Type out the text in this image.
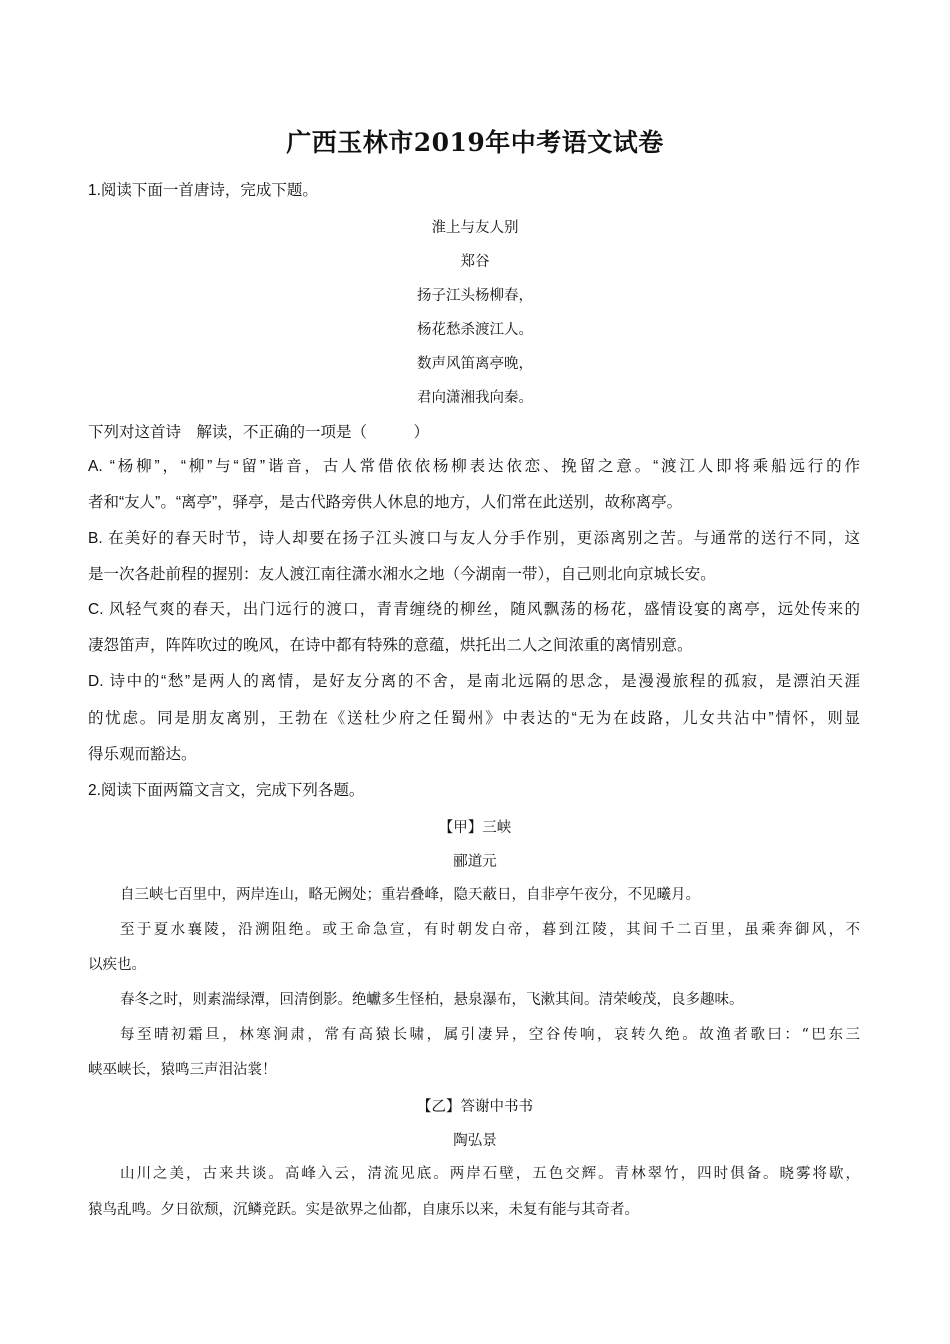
广西玉林市2019年中考语文试卷
1.阅读下面一首唐诗，完成下题。
淮上与友人别
郑谷
扬子江头杨柳春，
杨花愁杀渡江人。
数声风笛离亭晚，
君向潇湘我向秦。
下列对这首诗　解读，不正确的一项是（　　　）
A. “杨柳”，“柳”与“留”谐音，古人常借依依杨柳表达依恋、挽留之意。“渡江人即将乘船远行的作
者和“友人”。“离亭”，驿亭，是古代路旁供人休息的地方，人们常在此送别，故称离亭。
B. 在美好的春天时节，诗人却要在扬子江头渡口与友人分手作别，更添离别之苦。与通常的送行不同，这
是一次各赴前程的握别：友人渡江南往潇水湘水之地（今湖南一带），自己则北向京城长安。
C. 风轻气爽的春天，出门远行的渡口，青青缠绕的柳丝，随风飘荡的杨花，盛情设宴的离亭，远处传来的
凄怨笛声，阵阵吹过的晚风，在诗中都有特殊的意蕴，烘托出二人之间浓重的离情别意。
D. 诗中的“愁”是两人的离情，是好友分离的不舍，是南北远隔的思念，是漫漫旅程的孤寂，是漂泊天涯
的忧虑。同是朋友离别，王勃在《送杜少府之任蜀州》中表达的“无为在歧路，儿女共沾中”情怀，则显
得乐观而豁达。
2.阅读下面两篇文言文，完成下列各题。
【甲】三峡
郦道元
自三峡七百里中，两岸连山，略无阙处；重岩叠峰，隐天蔽日，自非亭午夜分，不见曦月。
至于夏水襄陵，沿溯阻绝。或王命急宣，有时朝发白帝，暮到江陵，其间千二百里，虽乘奔御风，不
以疾也。
春冬之时，则素湍绿潭，回清倒影。绝巘多生怪柏，悬泉瀑布，飞漱其间。清荣峻茂，良多趣味。
每至晴初霜旦，林寒涧肃，常有高猿长啸，属引凄异，空谷传响，哀转久绝。故渔者歌曰：“巴东三
峡巫峡长，猿鸣三声泪沾裳！
【乙】答谢中书书
陶弘景
山川之美，古来共谈。高峰入云，清流见底。两岸石壁，五色交辉。青林翠竹，四时俱备。晓雾将歇，
猿鸟乱鸣。夕日欲颓，沉鳞竞跃。实是欲界之仙都，自康乐以来，未复有能与其奇者。
